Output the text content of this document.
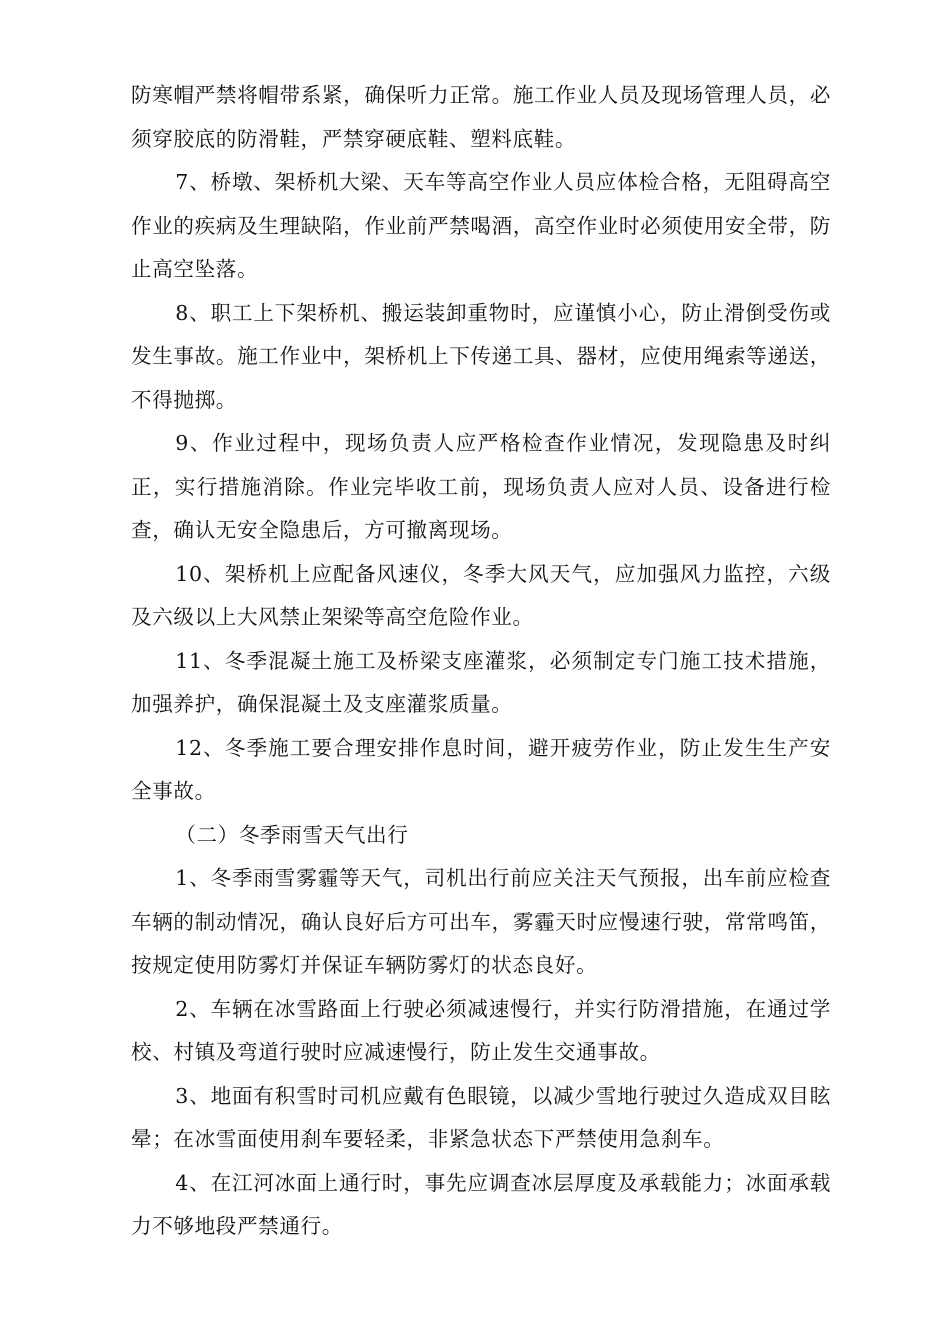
防寒帽严禁将帽带系紧，确保听力正常。施工作业人员及现场管理人员，必须穿胶底的防滑鞋，严禁穿硬底鞋、塑料底鞋。

7、桥墩、架桥机大梁、天车等高空作业人员应体检合格，无阻碍高空作业的疾病及生理缺陷，作业前严禁喝酒，高空作业时必须使用安全带，防止高空坠落。

8、职工上下架桥机、搬运装卸重物时，应谨慎小心，防止滑倒受伤或发生事故。施工作业中，架桥机上下传递工具、器材，应使用绳索等递送，不得抛掷。

9、作业过程中，现场负责人应严格检查作业情况，发现隐患及时纠正，实行措施消除。作业完毕收工前，现场负责人应对人员、设备进行检查，确认无安全隐患后，方可撤离现场。

10、架桥机上应配备风速仪，冬季大风天气，应加强风力监控，六级及六级以上大风禁止架梁等高空危险作业。

11、冬季混凝土施工及桥梁支座灌浆，必须制定专门施工技术措施，加强养护，确保混凝土及支座灌浆质量。

12、冬季施工要合理安排作息时间，避开疲劳作业，防止发生生产安全事故。

（二）冬季雨雪天气出行

1、冬季雨雪雾霾等天气，司机出行前应关注天气预报，出车前应检查车辆的制动情况，确认良好后方可出车，雾霾天时应慢速行驶，常常鸣笛，按规定使用防雾灯并保证车辆防雾灯的状态良好。

2、车辆在冰雪路面上行驶必须减速慢行，并实行防滑措施，在通过学校、村镇及弯道行驶时应减速慢行，防止发生交通事故。

3、地面有积雪时司机应戴有色眼镜，以减少雪地行驶过久造成双目眩晕；在冰雪面使用刹车要轻柔，非紧急状态下严禁使用急刹车。

4、在江河冰面上通行时，事先应调查冰层厚度及承载能力；冰面承载力不够地段严禁通行。
